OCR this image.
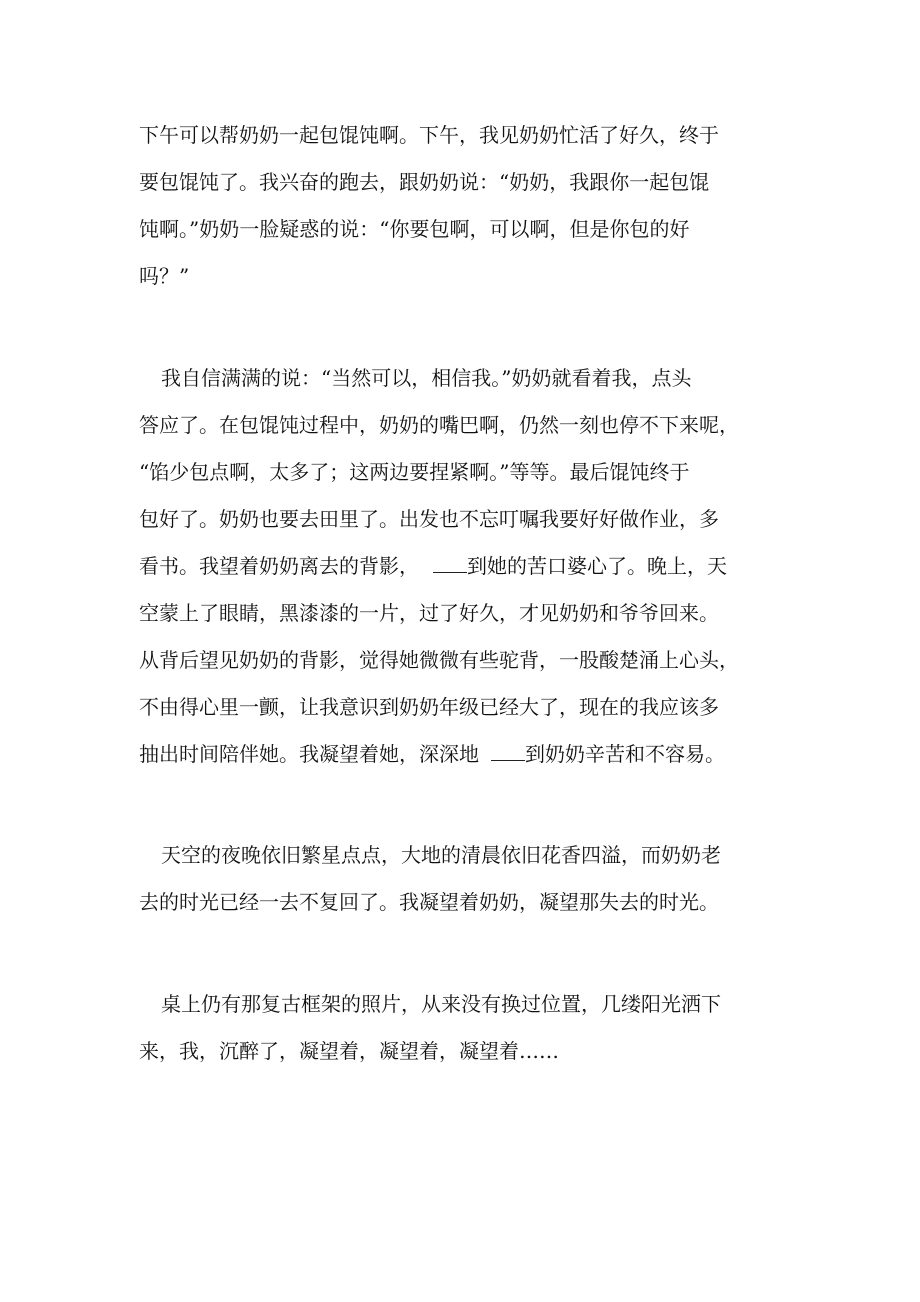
下午可以帮奶奶一起包馄饨啊。下午，我见奶奶忙活了好久，终于
要包馄饨了。我兴奋的跑去，跟奶奶说：“奶奶，我跟你一起包馄
饨啊。”奶奶一脸疑惑的说：“你要包啊，可以啊，但是你包的好
吗？”
我自信满满的说：“当然可以，相信我。”奶奶就看着我，点头
答应了。在包馄饨过程中，奶奶的嘴巴啊，仍然一刻也停不下来呢，
“馅少包点啊，太多了；这两边要捏紧啊。”等等。最后馄饨终于
包好了。奶奶也要去田里了。出发也不忘叮嘱我要好好做作业，多
看书。我望着奶奶离去的背影， 到她的苦口婆心了。晚上，天
空蒙上了眼睛，黑漆漆的一片，过了好久，才见奶奶和爷爷回来。
从背后望见奶奶的背影，觉得她微微有些驼背，一股酸楚涌上心头，
不由得心里一颤，让我意识到奶奶年级已经大了，现在的我应该多
抽出时间陪伴她。我凝望着她，深深地 到奶奶辛苦和不容易。
天空的夜晚依旧繁星点点，大地的清晨依旧花香四溢，而奶奶老
去的时光已经一去不复回了。我凝望着奶奶，凝望那失去的时光。
桌上仍有那复古框架的照片，从来没有换过位置，几缕阳光洒下
来，我，沉醉了，凝望着，凝望着，凝望着……
